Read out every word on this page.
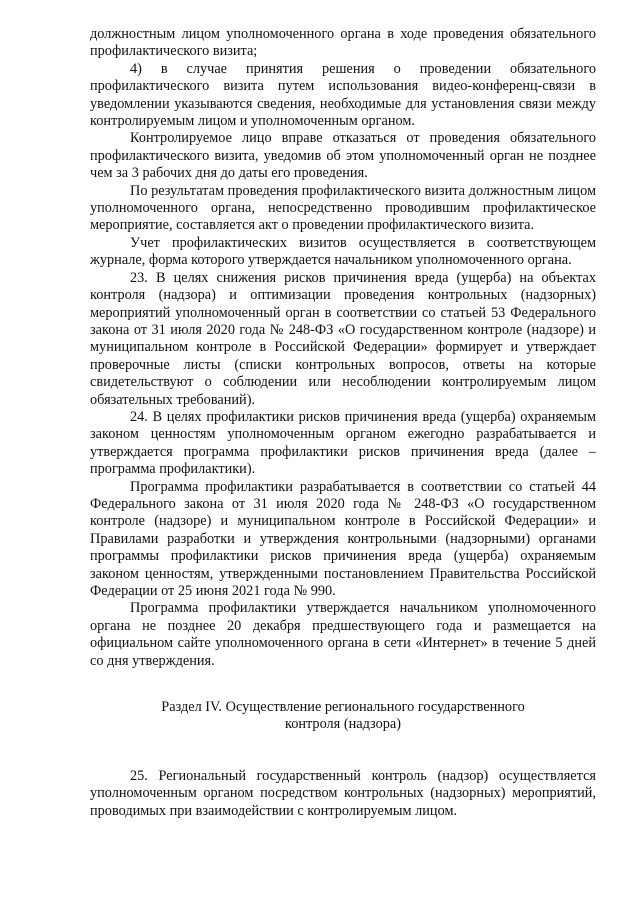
должностным лицом уполномоченного органа в ходе проведения обязательного профилактического визита;

4) в случае принятия решения о проведении обязательного профилактического визита путем использования видео-конференц-связи в уведомлении указываются сведения, необходимые для установления связи между контролируемым лицом и уполномоченным органом.

Контролируемое лицо вправе отказаться от проведения обязательного профилактического визита, уведомив об этом уполномоченный орган не позднее чем за 3 рабочих дня до даты его проведения.

По результатам проведения профилактического визита должностным лицом уполномоченного органа, непосредственно проводившим профилактическое мероприятие, составляется акт о проведении профилактического визита.

Учет профилактических визитов осуществляется в соответствующем журнале, форма которого утверждается начальником уполномоченного органа.

23. В целях снижения рисков причинения вреда (ущерба) на объектах контроля (надзора) и оптимизации проведения контрольных (надзорных) мероприятий уполномоченный орган в соответствии со статьей 53 Федерального закона от 31 июля 2020 года № 248-ФЗ «О государственном контроле (надзоре) и муниципальном контроле в Российской Федерации» формирует и утверждает проверочные листы (списки контрольных вопросов, ответы на которые свидетельствуют о соблюдении или несоблюдении контролируемым лицом обязательных требований).

24. В целях профилактики рисков причинения вреда (ущерба) охраняемым законом ценностям уполномоченным органом ежегодно разрабатывается и утверждается программа профилактики рисков причинения вреда (далее – программа профилактики).

Программа профилактики разрабатывается в соответствии со статьей 44 Федерального закона от 31 июля 2020 года № 248-ФЗ «О государственном контроле (надзоре) и муниципальном контроле в Российской Федерации» и Правилами разработки и утверждения контрольными (надзорными) органами программы профилактики рисков причинения вреда (ущерба) охраняемым законом ценностям, утвержденными постановлением Правительства Российской Федерации от 25 июня 2021 года № 990.

Программа профилактики утверждается начальником уполномоченного органа не позднее 20 декабря предшествующего года и размещается на официальном сайте уполномоченного органа в сети «Интернет» в течение 5 дней со дня утверждения.

Раздел IV. Осуществление регионального государственного
контроля (надзора)

25. Региональный государственный контроль (надзор) осуществляется уполномоченным органом посредством контрольных (надзорных) мероприятий, проводимых при взаимодействии с контролируемым лицом.
